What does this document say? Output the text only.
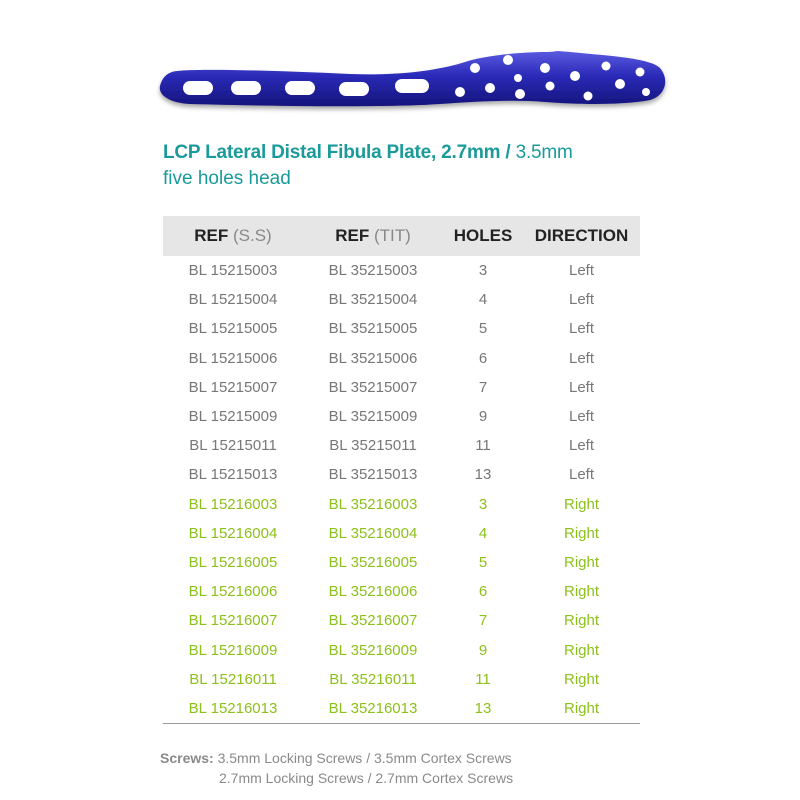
LCP Lateral Distal Fibula Plate, 2.7mm / 3.5mm
five holes head
REF (S.S)	REF (TIT)	HOLES	DIRECTION
BL 15215003	BL 35215003	3	Left
BL 15215004	BL 35215004	4	Left
BL 15215005	BL 35215005	5	Left
BL 15215006	BL 35215006	6	Left
BL 15215007	BL 35215007	7	Left
BL 15215009	BL 35215009	9	Left
BL 15215011	BL 35215011	11	Left
BL 15215013	BL 35215013	13	Left
BL 15216003	BL 35216003	3	Right
BL 15216004	BL 35216004	4	Right
BL 15216005	BL 35216005	5	Right
BL 15216006	BL 35216006	6	Right
BL 15216007	BL 35216007	7	Right
BL 15216009	BL 35216009	9	Right
BL 15216011	BL 35216011	11	Right
BL 15216013	BL 35216013	13	Right
Screws: 3.5mm Locking Screws / 3.5mm Cortex Screws
2.7mm Locking Screws / 2.7mm Cortex Screws
